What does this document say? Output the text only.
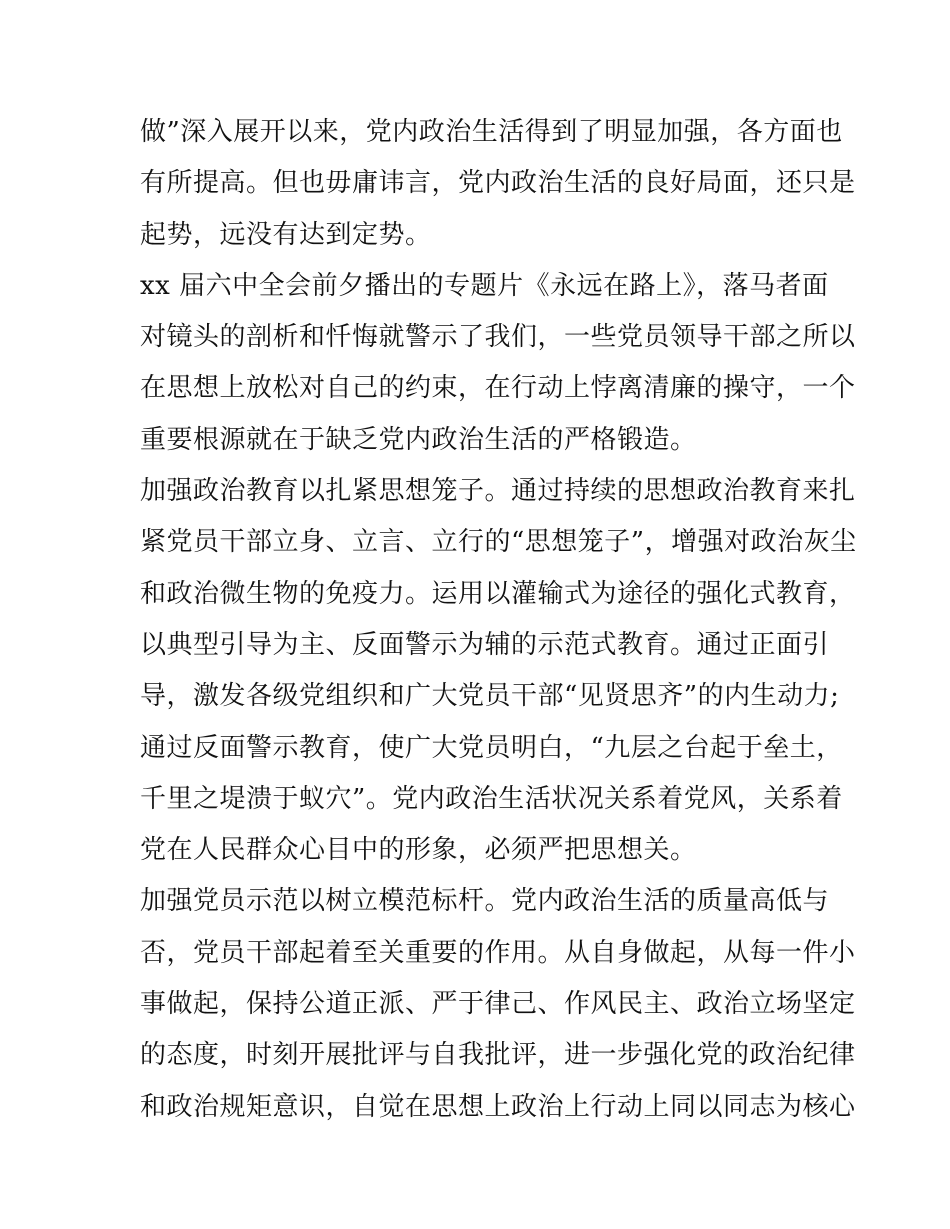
做”深入展开以来，党内政治生活得到了明显加强，各方面也
有所提高。但也毋庸讳言，党内政治生活的良好局面，还只是
起势，远没有达到定势。
xx 届六中全会前夕播出的专题片《永远在路上》，落马者面
对镜头的剖析和忏悔就警示了我们，一些党员领导干部之所以
在思想上放松对自己的约束，在行动上悖离清廉的操守，一个
重要根源就在于缺乏党内政治生活的严格锻造。
加强政治教育以扎紧思想笼子。通过持续的思想政治教育来扎
紧党员干部立身、立言、立行的“思想笼子”，增强对政治灰尘
和政治微生物的免疫力。运用以灌输式为途径的强化式教育，
以典型引导为主、反面警示为辅的示范式教育。通过正面引
导，激发各级党组织和广大党员干部“见贤思齐”的内生动力;
通过反面警示教育，使广大党员明白，“九层之台起于垒土，
千里之堤溃于蚁穴”。党内政治生活状况关系着党风，关系着
党在人民群众心目中的形象，必须严把思想关。
加强党员示范以树立模范标杆。党内政治生活的质量高低与
否，党员干部起着至关重要的作用。从自身做起，从每一件小
事做起，保持公道正派、严于律己、作风民主、政治立场坚定
的态度，时刻开展批评与自我批评，进一步强化党的政治纪律
和政治规矩意识，自觉在思想上政治上行动上同以同志为核心
